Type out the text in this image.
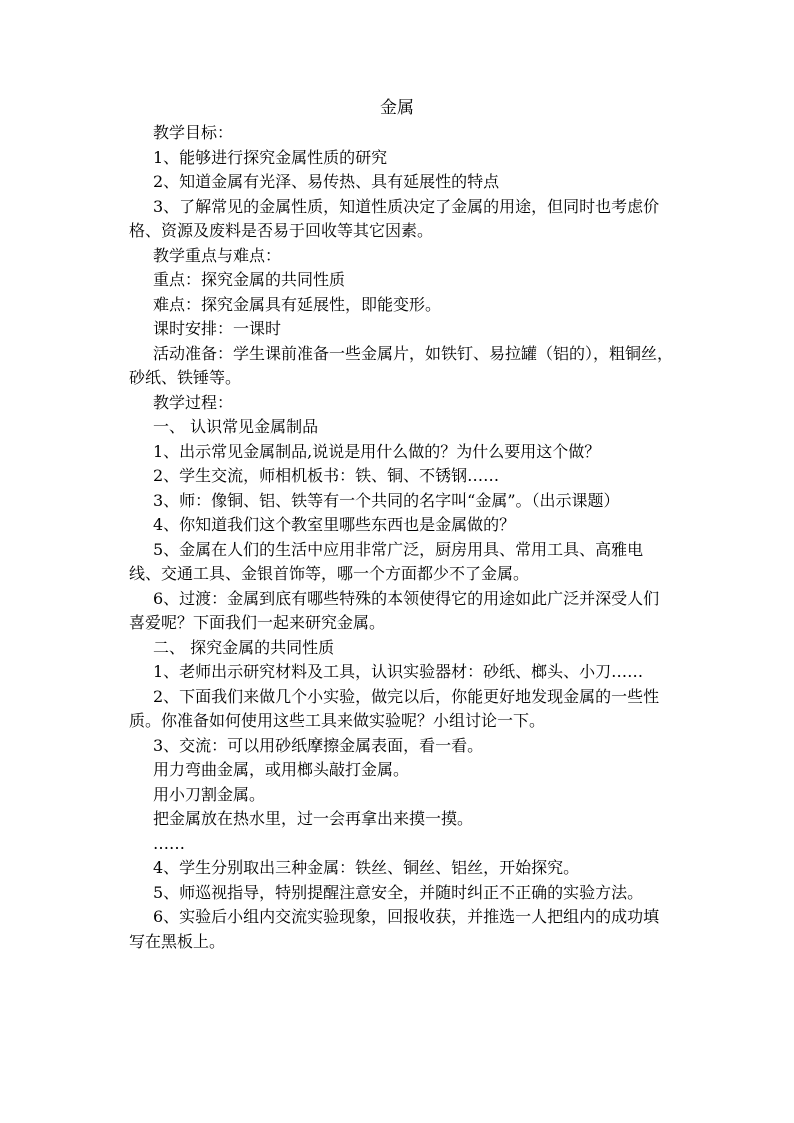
金属

教学目标：

1、能够进行探究金属性质的研究

2、知道金属有光泽、易传热、具有延展性的特点

3、了解常见的金属性质，知道性质决定了金属的用途，但同时也考虑价格、资源及废料是否易于回收等其它因素。

教学重点与难点：

重点：探究金属的共同性质

难点：探究金属具有延展性，即能变形。

课时安排：一课时

活动准备：学生课前准备一些金属片，如铁钉、易拉罐（铝的），粗铜丝，砂纸、铁锤等。

教学过程：

一、 认识常见金属制品

1、出示常见金属制品,说说是用什么做的？为什么要用这个做？

2、学生交流，师相机板书：铁、铜、不锈钢……

3、师：像铜、铝、铁等有一个共同的名字叫“金属”。（出示课题）

4、你知道我们这个教室里哪些东西也是金属做的？

5、金属在人们的生活中应用非常广泛，厨房用具、常用工具、高雅电线、交通工具、金银首饰等，哪一个方面都少不了金属。

6、过渡：金属到底有哪些特殊的本领使得它的用途如此广泛并深受人们喜爱呢？下面我们一起来研究金属。

二、 探究金属的共同性质

1、老师出示研究材料及工具，认识实验器材：砂纸、榔头、小刀……

2、下面我们来做几个小实验，做完以后，你能更好地发现金属的一些性质。你准备如何使用这些工具来做实验呢？小组讨论一下。

3、交流：可以用砂纸摩擦金属表面，看一看。

用力弯曲金属，或用榔头敲打金属。

用小刀割金属。

把金属放在热水里，过一会再拿出来摸一摸。

……

4、学生分别取出三种金属：铁丝、铜丝、铝丝，开始探究。

5、师巡视指导，特别提醒注意安全，并随时纠正不正确的实验方法。

6、实验后小组内交流实验现象，回报收获，并推选一人把组内的成功填写在黑板上。
